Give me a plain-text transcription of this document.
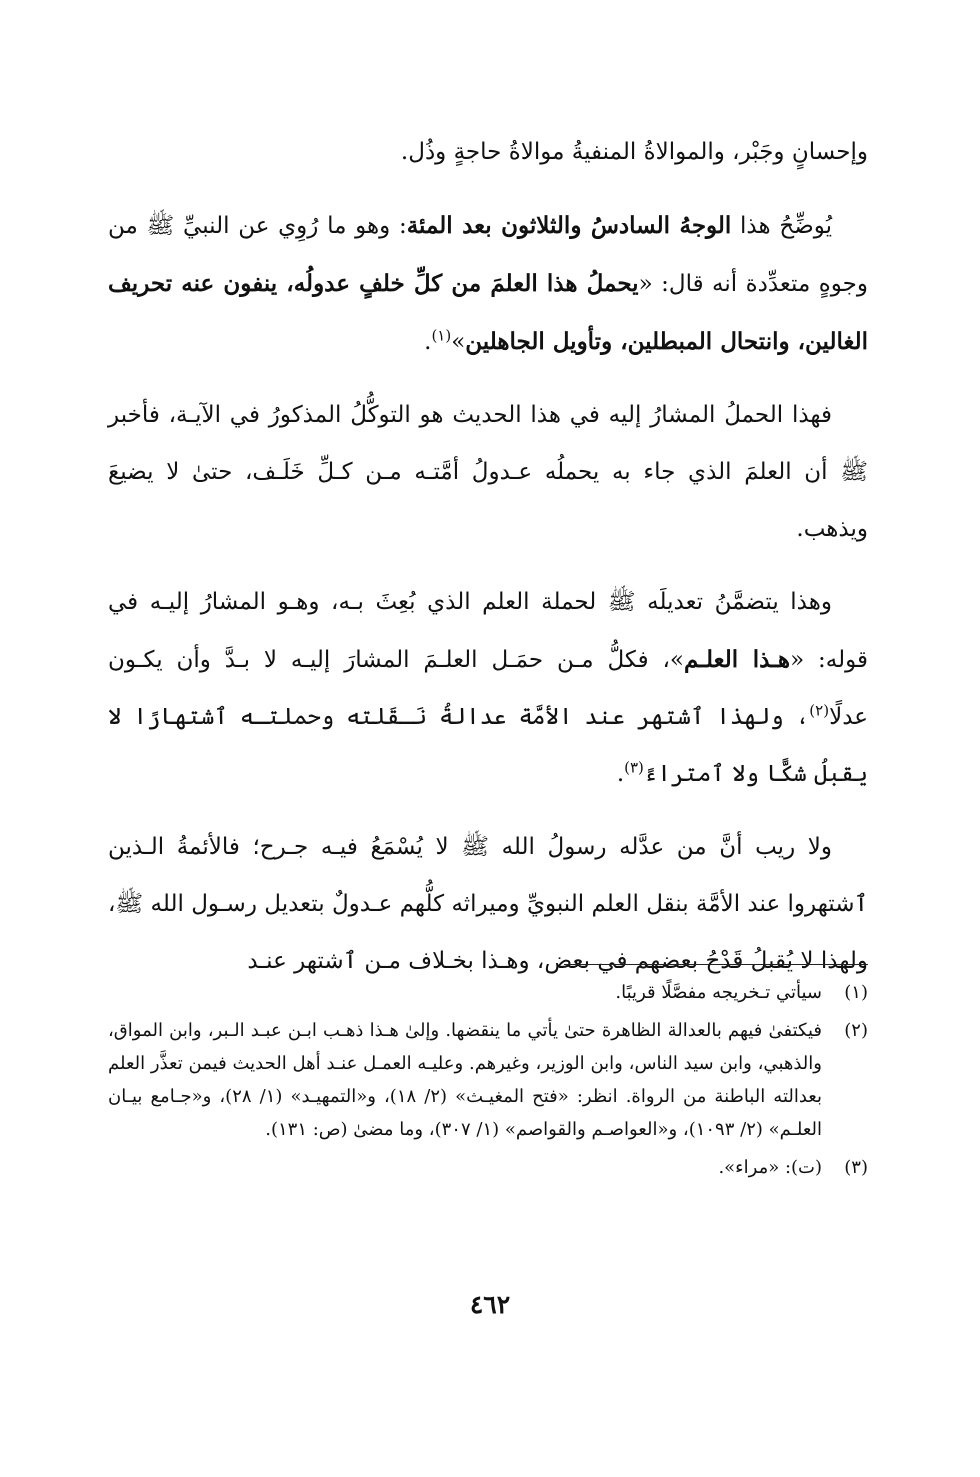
وإحسانٍ وجَبْر، والموالاةُ المنفيةُ موالاةُ حاجةٍ وذُل.

يُوضِّحُ هذا الوجهُ السادسُ والثلاثون بعد المئة: وهو ما رُوِي عن النبيِّ ﷺ من وجوهٍ متعدِّدة أنه قال: «يحملُ هذا العلمَ من كلِّ خلفٍ عدولُه، ينفون عنه تحريف الغالين، وانتحال المبطلين، وتأويل الجاهلين»$^{(١)}$.

فهذا الحملُ المشارُ إليه في هذا الحديث هو التوكُّلُ المذكورُ في الآيـة، فأخبر ﷺ أن العلمَ الذي جاء به يحملُه عـدولُ أمَّتـه مـن كـلِّ خَلَـف، حتىٰ لا يضيعَ ويذهب.

وهذا يتضمَّنُ تعديلَه ﷺ لحملة العلم الذي بُعِثَ بـه، وهـو المشارُ إليـه في قوله: «هـذا العلـم»، فكلُّ مـن حمَـل العلـمَ المشارَ إليـه لا بـدَّ وأن يكـون عدلًا$^{(٢)}$، ولهذا ٱشتهر عند الأمَّة عدالةُ نَـقَلته وحملتـه ٱشتهارًا لا يقبلُ شكًّا ولا ٱمتراءً$^{(٣)}$.

ولا ريب أنَّ من عدَّله رسولُ الله ﷺ لا يُسْمَعُ فيـه جـرح؛ فالأئمةُ الـذين ٱشتهروا عند الأمَّة بنقل العلم النبويِّ وميراثه كلُّهم عـدولٌ بتعديل رسـول الله ﷺ، ولهذا لا يُقبلُ قَدْحُ بعضهم في بعض، وهـذا بخـلاف مـن ٱشتهر عنـد

(١)
سيأتي تـخريجه مفصَّلًا قريبًا.
(٢)
فيكتفىٰ فيهم بالعدالة الظاهرة حتىٰ يأتي ما ينقضها. وإلىٰ هـذا ذهـب ابـن عبـد الـبر، وابن المواق، والذهبي، وابن سيد الناس، وابن الوزير، وغيرهم. وعليـه العمـل عنـد أهل الحديث فيمن تعذَّر العلم بعدالته الباطنة من الرواة. انظر: «فتح المغيـث» (٢/ ١٨)، و«التمهيـد» (١/ ٢٨)، و«جـامع بيـان العلـم» (٢/ ١٠٩٣)، و«العواصـم والقواصم» (١/ ٣٠٧)، وما مضىٰ (ص: ١٣١).
(٣)
(ت): «مراء».
٤٦٢
